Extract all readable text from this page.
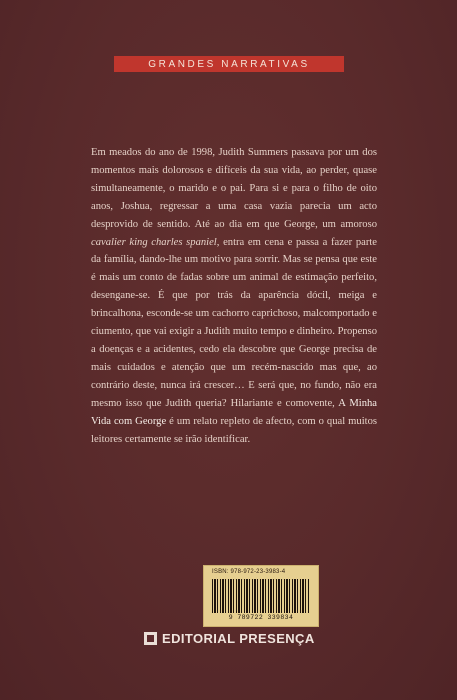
GRANDES NARRATIVAS

Em meados do ano de 1998, Judith Summers passava por um dos momentos mais dolorosos e difíceis da sua vida, ao perder, quase simultaneamente, o marido e o pai. Para si e para o filho de oito anos, Joshua, regressar a uma casa vazia parecia um acto desprovido de sentido. Até ao dia em que George, um amoroso cavalier king charles spaniel, entra em cena e passa a fazer parte da família, dando-lhe um motivo para sorrir. Mas se pensa que este é mais um conto de fadas sobre um animal de estimação perfeito, desengane-se. É que por trás da aparência dócil, meiga e brincalhona, esconde-se um cachorro caprichoso, malcomportado e ciumento, que vai exigir a Judith muito tempo e dinheiro. Propenso a doenças e a acidentes, cedo ela descobre que George precisa de mais cuidados e atenção que um recém-nascido mas que, ao contrário deste, nunca irá crescer… E será que, no fundo, não era mesmo isso que Judith queria? Hilariante e comovente, A Minha Vida com George é um relato repleto de afecto, com o qual muitos leitores certamente se irão identificar.

ISBN: 978-972-23-3983-4
9 789722 339834
EDITORIAL PRESENÇA
